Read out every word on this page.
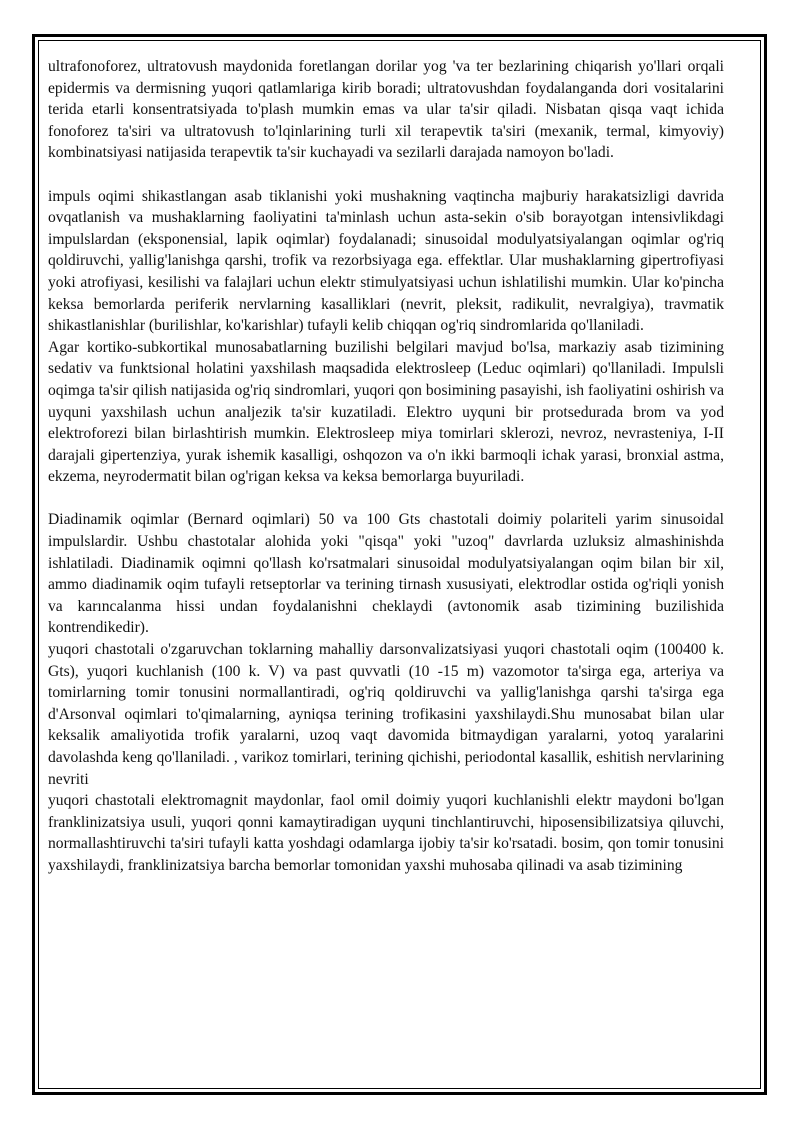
ultrafonoforez, ultratovush maydonida foretlangan dorilar yog 'va ter bezlarining chiqarish yo'llari orqali epidermis va dermisning yuqori qatlamlariga kirib boradi; ultratovushdan foydalanganda dori vositalarini terida etarli konsentratsiyada to'plash mumkin emas va ular ta'sir qiladi. Nisbatan qisqa vaqt ichida fonoforez ta'siri va ultratovush to'lqinlarining turli xil terapevtik ta'siri (mexanik, termal, kimyoviy) kombinatsiyasi natijasida terapevtik ta'sir kuchayadi va sezilarli darajada namoyon bo'ladi.

impuls oqimi shikastlangan asab tiklanishi yoki mushakning vaqtincha majburiy harakatsizligi davrida ovqatlanish va mushaklarning faoliyatini ta'minlash uchun asta-sekin o'sib borayotgan intensivlikdagi impulslardan (eksponensial, lapik oqimlar) foydalanadi; sinusoidal modulyatsiyalangan oqimlar og'riq qoldiruvchi, yallig'lanishga qarshi, trofik va rezorbsiyaga ega. effektlar. Ular mushaklarning gipertrofiyasi yoki atrofiyasi, kesilishi va falajlari uchun elektr stimulyatsiyasi uchun ishlatilishi mumkin. Ular ko'pincha keksa bemorlarda periferik nervlarning kasalliklari (nevrit, pleksit, radikulit, nevralgiya), travmatik shikastlanishlar (burilishlar, ko'karishlar) tufayli kelib chiqqan og'riq sindromlarida qo'llaniladi.

Agar kortiko-subkortikal munosabatlarning buzilishi belgilari mavjud bo'lsa, markaziy asab tizimining sedativ va funktsional holatini yaxshilash maqsadida elektrosleep (Leduc oqimlari) qo'llaniladi. Impulsli oqimga ta'sir qilish natijasida og'riq sindromlari, yuqori qon bosimining pasayishi, ish faoliyatini oshirish va uyquni yaxshilash uchun analjezik ta'sir kuzatiladi. Elektro uyquni bir protsedurada brom va yod elektroforezi bilan birlashtirish mumkin. Elektrosleep miya tomirlari sklerozi, nevroz, nevrasteniya, I-II darajali gipertenziya, yurak ishemik kasalligi, oshqozon va o'n ikki barmoqli ichak yarasi, bronxial astma, ekzema, neyrodermatit bilan og'rigan keksa va keksa bemorlarga buyuriladi.

Diadinamik oqimlar (Bernard oqimlari) 50 va 100 Gts chastotali doimiy polariteli yarim sinusoidal impulslardir. Ushbu chastotalar alohida yoki "qisqa" yoki "uzoq" davrlarda uzluksiz almashinishda ishlatiladi. Diadinamik oqimni qo'llash ko'rsatmalari sinusoidal modulyatsiyalangan oqim bilan bir xil, ammo diadinamik oqim tufayli retseptorlar va terining tirnash xususiyati, elektrodlar ostida og'riqli yonish va karıncalanma hissi undan foydalanishni cheklaydi (avtonomik asab tizimining buzilishida kontrendikedir).

yuqori chastotali o'zgaruvchan toklarning mahalliy darsonvalizatsiyasi yuqori chastotali oqim (100400 k. Gts), yuqori kuchlanish (100 k. V) va past quvvatli (10 -15 m) vazomotor ta'sirga ega, arteriya va tomirlarning tomir tonusini normallantiradi, og'riq qoldiruvchi va yallig'lanishga qarshi ta'sirga ega d'Arsonval oqimlari to'qimalarning, ayniqsa terining trofikasini yaxshilaydi.Shu munosabat bilan ular keksalik amaliyotida trofik yaralarni, uzoq vaqt davomida bitmaydigan yaralarni, yotoq yaralarini davolashda keng qo'llaniladi. , varikoz tomirlari, terining qichishi, periodontal kasallik, eshitish nervlarining nevriti

yuqori chastotali elektromagnit maydonlar, faol omil doimiy yuqori kuchlanishli elektr maydoni bo'lgan franklinizatsiya usuli, yuqori qonni kamaytiradigan uyquni tinchlantiruvchi, hiposensibilizatsiya qiluvchi, normallashtiruvchi ta'siri tufayli katta yoshdagi odamlarga ijobiy ta'sir ko'rsatadi. bosim, qon tomir tonusini yaxshilaydi, franklinizatsiya barcha bemorlar tomonidan yaxshi muhosaba qilinadi va asab tizimining
